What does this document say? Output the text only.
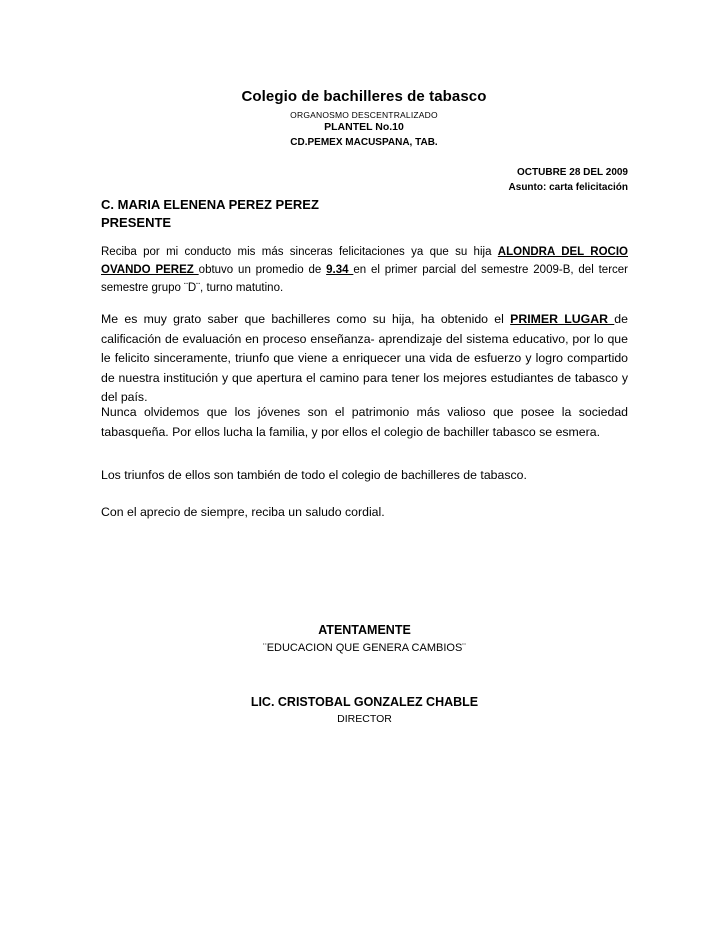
Colegio de bachilleres de tabasco
ORGANOSMO DESCENTRALIZADO
PLANTEL No.10
CD.PEMEX MACUSPANA, TAB.
OCTUBRE 28 DEL 2009
Asunto: carta felicitación
C. MARIA ELENENA PEREZ PEREZ
PRESENTE
Reciba por mi conducto mis más sinceras felicitaciones ya que su hija ALONDRA DEL ROCIO OVANDO PEREZ obtuvo un promedio de 9.34 en el primer parcial del semestre 2009-B, del tercer semestre grupo ¨D¨, turno matutino.
Me es muy grato saber que bachilleres como su hija, ha obtenido el PRIMER LUGAR de calificación de evaluación en proceso enseñanza- aprendizaje del sistema educativo, por lo que le felicito sinceramente, triunfo que viene a enriquecer una vida de esfuerzo y logro compartido de nuestra institución y que apertura el camino para tener los mejores estudiantes de tabasco y del país.
Nunca olvidemos que los jóvenes son el patrimonio más valioso que posee la sociedad tabasqueña. Por ellos lucha la familia, y por ellos el colegio de bachiller tabasco se esmera.
Los triunfos de ellos son también de todo el colegio de bachilleres de tabasco.
Con el aprecio de siempre, reciba un saludo cordial.
ATENTAMENTE
¨EDUCACION QUE GENERA CAMBIOS¨
LIC. CRISTOBAL GONZALEZ CHABLE
DIRECTOR
